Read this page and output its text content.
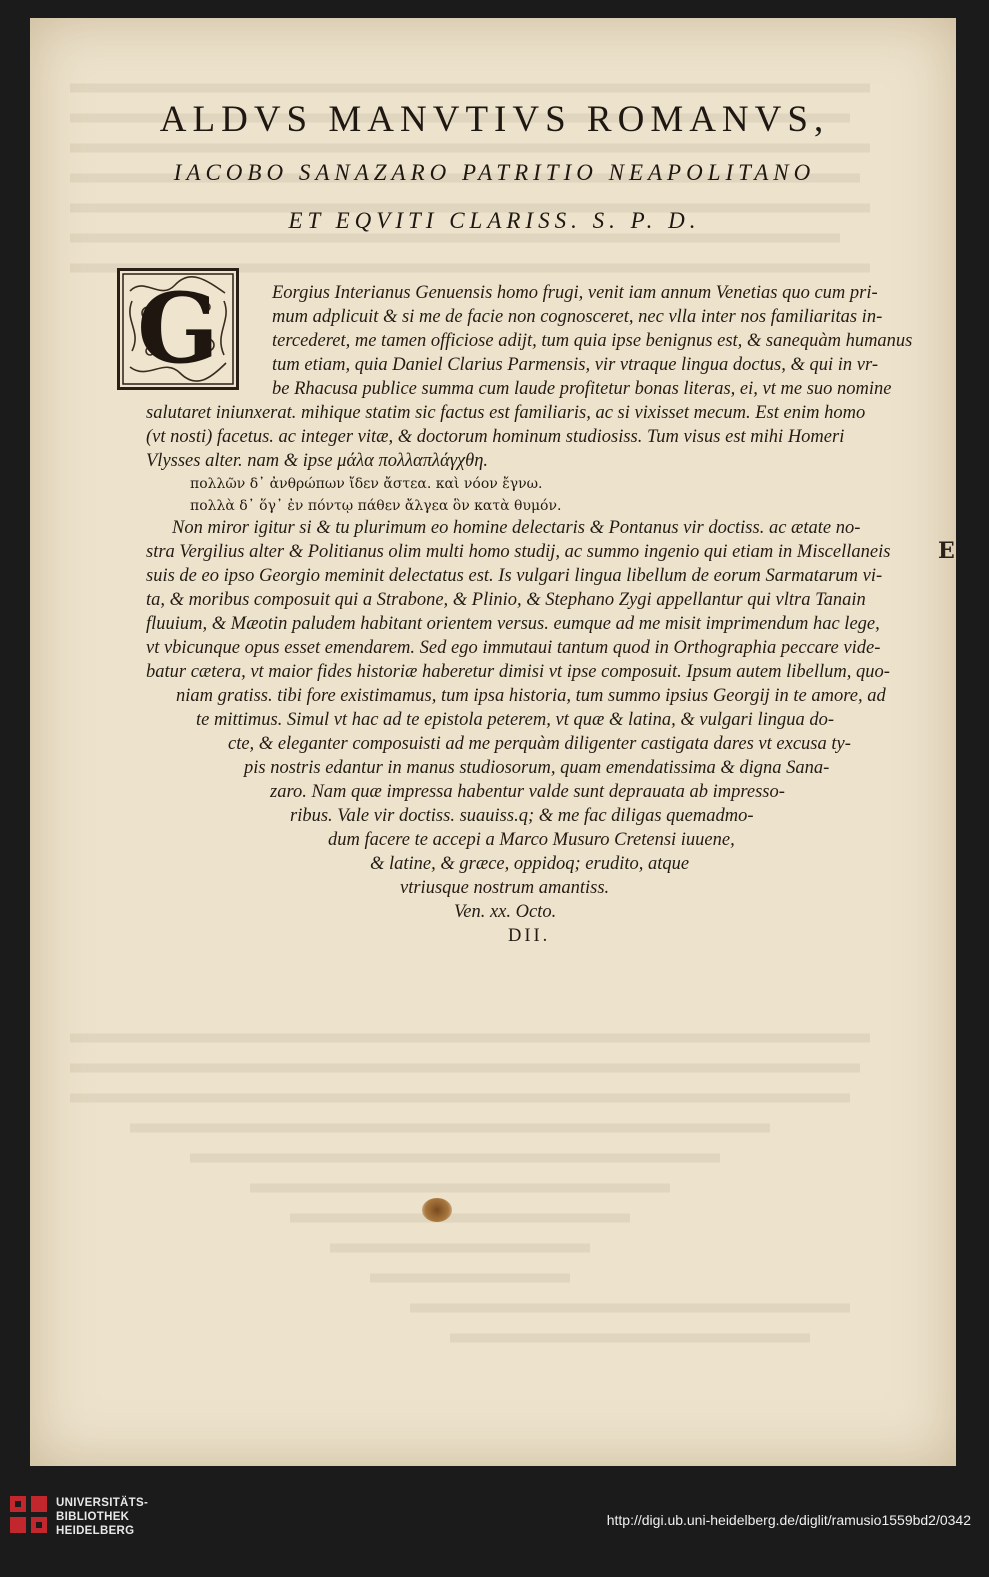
E
ALDVS MANVTIVS ROMANVS,
IACOBO SANAZARO PATRITIO NEAPOLITANO
ET EQVITI CLARISS. S. P. D.
G	Eorgius Interianus Genuensis homo frugi, venit iam annum Venetias quo cum pri-
mum adplicuit & si me de facie non cognosceret, nec vlla inter nos familiaritas in-
tercederet, me tamen officiose adijt, tum quia ipse benignus est, & sanequàm humanus
tum etiam, quia Daniel Clarius Parmensis, vir vtraque lingua doctus, & qui in vr-
be Rhacusa publice summa cum laude profitetur bonas literas, ei, vt me suo nomine
salutaret iniunxerat. mihique statim sic factus est familiaris, ac si vixisset mecum. Est enim homo
(vt nosti) facetus. ac integer vitæ, & doctorum hominum studiosiss. Tum visus est mihi Homeri
Vlysses alter. nam & ipse μάλα πολλαπλάγχθη.
πολλῶν δ᾽ ἀνθρώπων ἴδεν ἄστεα. καὶ νόον ἔγνω.
πολλὰ δ᾽ ὅγ᾽ ἐν πόντῳ πάθεν ἄλγεα ὃν κατὰ θυμόν.
Non miror igitur si & tu plurimum eo homine delectaris & Pontanus vir doctiss. ac ætate no-
stra Vergilius alter & Politianus olim multi homo studij, ac summo ingenio qui etiam in Miscellaneis
suis de eo ipso Georgio meminit delectatus est. Is vulgari lingua libellum de eorum Sarmatarum vi-
ta, & moribus composuit qui a Strabone, & Plinio, & Stephano Zygi appellantur qui vltra Tanain
fluuium, & Mæotin paludem habitant orientem versus. eumque ad me misit imprimendum hac lege,
vt vbicunque opus esset emendarem. Sed ego immutaui tantum quod in Orthographia peccare vide-
batur cætera, vt maior fides historiæ haberetur dimisi vt ipse composuit. Ipsum autem libellum, quo-
niam gratiss. tibi fore existimamus, tum ipsa historia, tum summo ipsius Georgij in te amore, ad
te mittimus. Simul vt hac ad te epistola peterem, vt quæ & latina, & vulgari lingua do-
cte, & eleganter composuisti ad me perquàm diligenter castigata dares vt excusa ty-
pis nostris edantur in manus studiosorum, quam emendatissima & digna Sana-
zaro. Nam quæ impressa habentur valde sunt deprauata ab impresso-
ribus. Vale vir doctiss. suauiss.q; & me fac diligas quemadmo-
dum facere te accepi a Marco Musuro Cretensi iuuene,
& latine, & græce, oppidoq; erudito, atque
vtriusque nostrum amantiss.
Ven. xx. Octo.
DII.
UNIVERSITÄTS-
BIBLIOTHEK
HEIDELBERG
http://digi.ub.uni-heidelberg.de/diglit/ramusio1559bd2/0342
